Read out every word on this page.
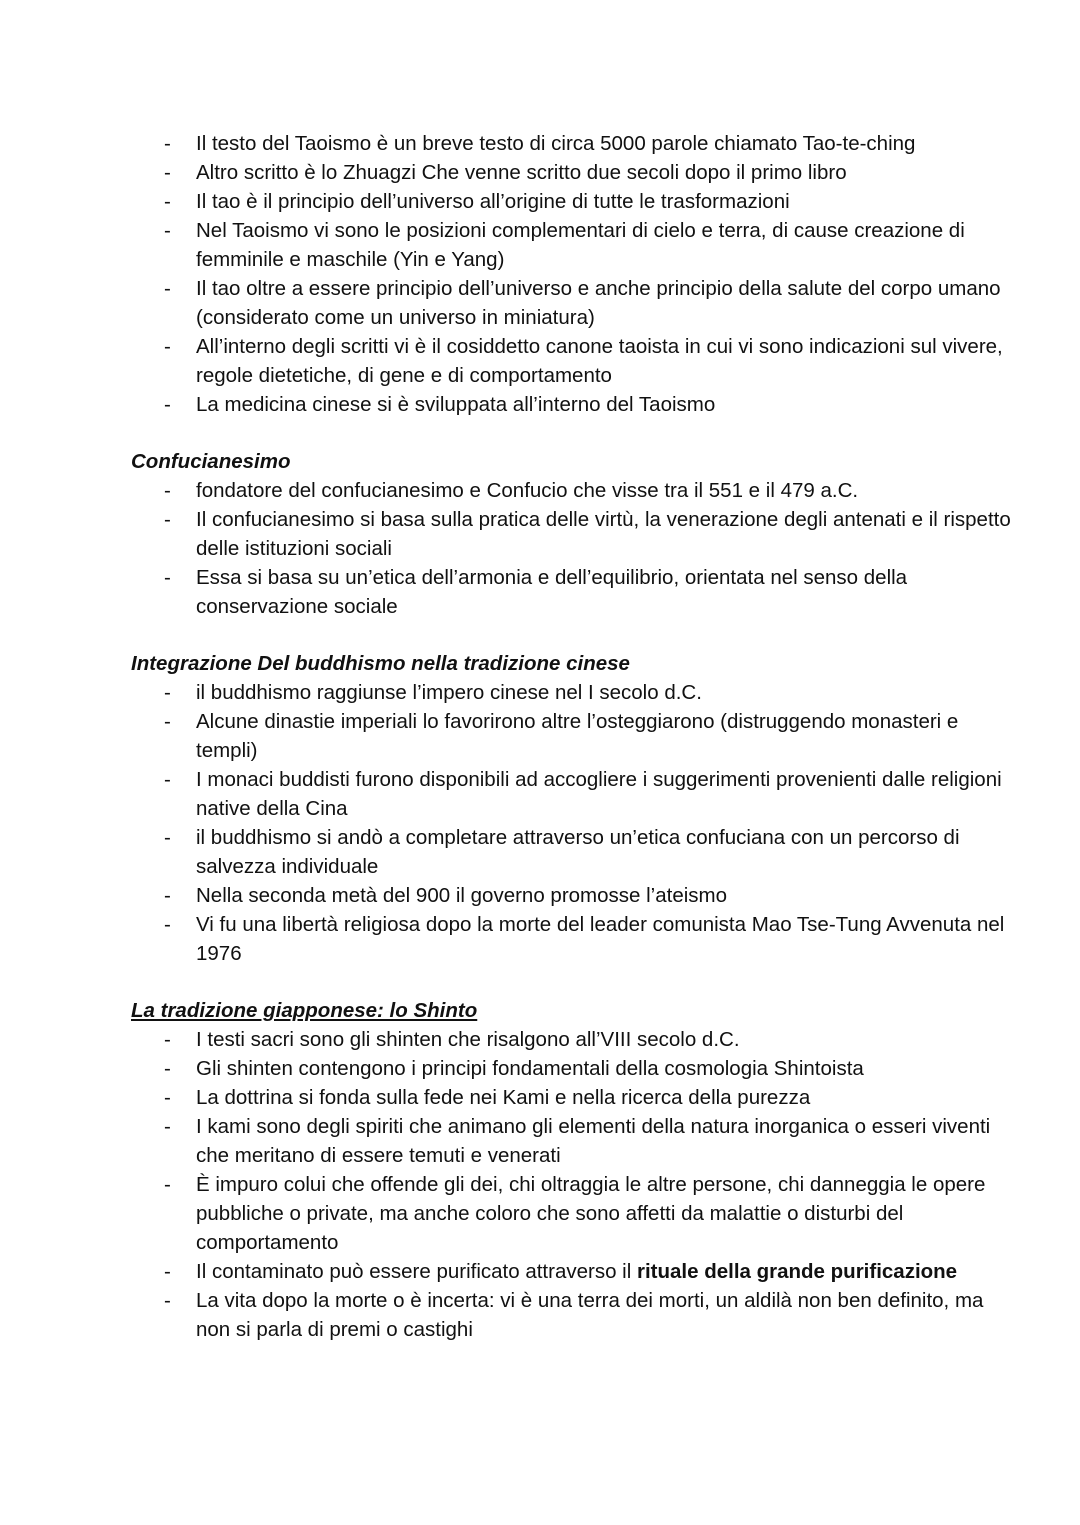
- Il testo del Taoismo è un breve testo di circa 5000 parole chiamato Tao-te-ching
- Altro scritto è lo Zhuagzi Che venne scritto due secoli dopo il primo libro
- Il tao è il principio dell’universo all’origine di tutte le trasformazioni
- Nel Taoismo vi sono le posizioni complementari di cielo e terra, di cause creazione di femminile e maschile (Yin e Yang)
- Il tao oltre a essere principio dell’universo e anche principio della salute del corpo umano (considerato come un universo in miniatura)
- All’interno degli scritti vi è il cosiddetto canone taoista in cui vi sono indicazioni sul vivere, regole dietetiche, di gene e di comportamento
- La medicina cinese si è sviluppata all’interno del Taoismo
Confucianesimo
- fondatore del confucianesimo e Confucio che visse tra il 551 e il 479 a.C.
- Il confucianesimo si basa sulla pratica delle virtù, la venerazione degli antenati e il rispetto delle istituzioni sociali
- Essa si basa su un’etica dell’armonia e dell’equilibrio, orientata nel senso della conservazione sociale
Integrazione Del buddhismo nella tradizione cinese
- il buddhismo raggiunse l’impero cinese nel I secolo d.C.
- Alcune dinastie imperiali lo favorirono altre l’osteggiarono (distruggendo monasteri e templi)
- I monaci buddisti furono disponibili ad accogliere i suggerimenti provenienti dalle religioni native della Cina
- il buddhismo si andò a completare attraverso un’etica confuciana con un percorso di salvezza individuale
- Nella seconda metà del 900 il governo promosse l’ateismo
- Vi fu una libertà religiosa dopo la morte del leader comunista Mao Tse-Tung Avvenuta nel 1976
La tradizione giapponese: lo Shinto
- I testi sacri sono gli shinten che risalgono all’VIII secolo d.C.
- Gli shinten contengono i principi fondamentali della cosmologia Shintoista
- La dottrina si fonda sulla fede nei Kami e nella ricerca della purezza
- I kami sono degli spiriti che animano gli elementi della natura inorganica o esseri viventi che meritano di essere temuti e venerati
- È impuro colui che offende gli dei, chi oltraggia le altre persone, chi danneggia le opere pubbliche o private, ma anche coloro che sono affetti da malattie o disturbi del comportamento
- Il contaminato può essere purificato attraverso il rituale della grande purificazione
- La vita dopo la morte o è incerta: vi è una terra dei morti, un aldilà non ben definito, ma non si parla di premi o castighi
